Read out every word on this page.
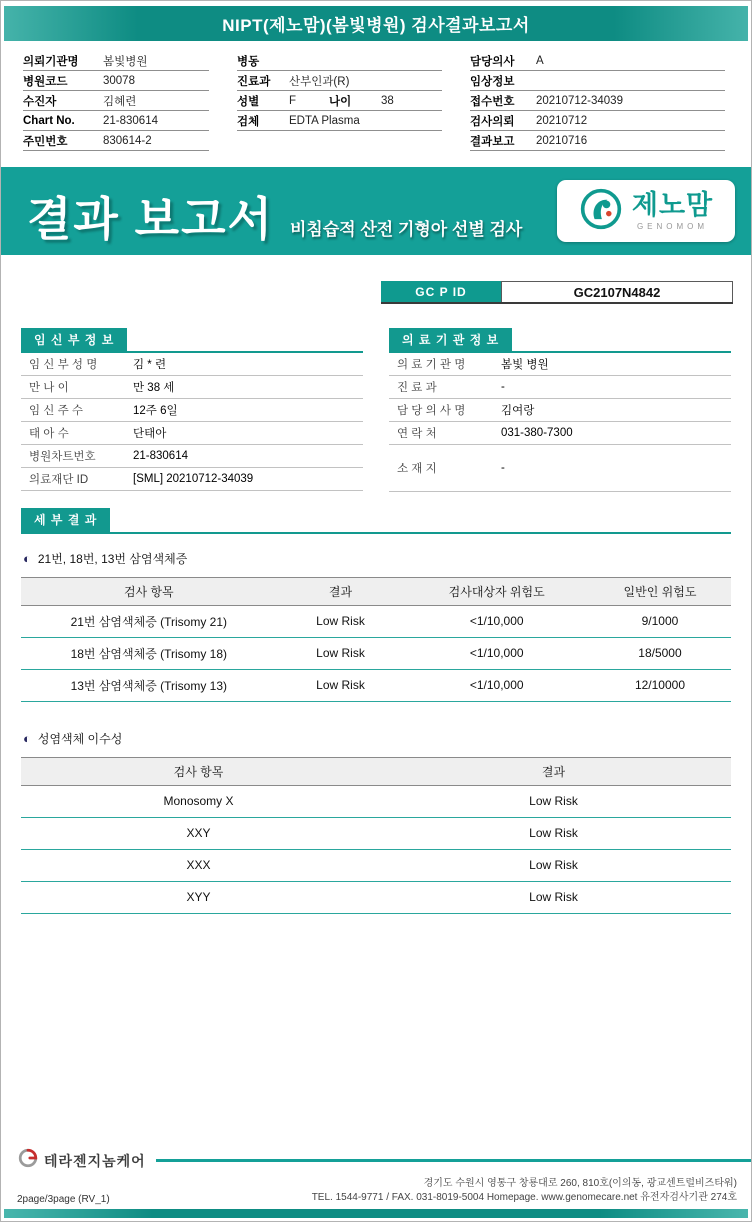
NIPT(제노맘)(봄빛병원) 검사결과보고서
의뢰기관명	봄빛병원
병원코드	30078
수진자	김혜련
Chart No.	21-830614
주민번호	830614-2
병동
진료과	산부인과(R)
성별	F	나이	38
검체	EDTA Plasma
담당의사	A
임상정보
접수번호	20210712-34039
검사의뢰	20210712
결과보고	20210716
결과 보고서 비침습적 산전 기형아 선별 검사
제노맘
GENOMOM
GC P ID	GC2107N4842
임 신 부 정 보
임 신 부 성 명	김 * 련
만 나 이	만 38 세
임 신 주 수	12주 6일
태 아 수	단태아
병원차트번호	21-830614
의료재단 ID	[SML] 20210712-34039
의 료 기 관 정 보
의 료 기 관 명	봄빛 병원
진 료 과	-
담 당 의 사 명	김여랑
연 락 처	031-380-7300
소 재 지	-
세 부 결 과
◐ 21번, 18번, 13번 삼염색체증
검사 항목	결과	검사대상자 위험도	일반인 위험도
21번 삼염색체증 (Trisomy 21)	Low Risk	<1/10,000	9/1000
18번 삼염색체증 (Trisomy 18)	Low Risk	<1/10,000	18/5000
13번 삼염색체증 (Trisomy 13)	Low Risk	<1/10,000	12/10000
◐ 성염색체 이수성
검사 항목	결과
Monosomy X	Low Risk
XXY	Low Risk
XXX	Low Risk
XYY	Low Risk
테라젠지놈케어
2page/3page (RV_1)
경기도 수원시 영통구 창룡대로 260, 810호(이의동, 광교센트럴비즈타워)
TEL. 1544-9771 / FAX. 031-8019-5004 Homepage. www.genomecare.net 유전자검사기관 274호
